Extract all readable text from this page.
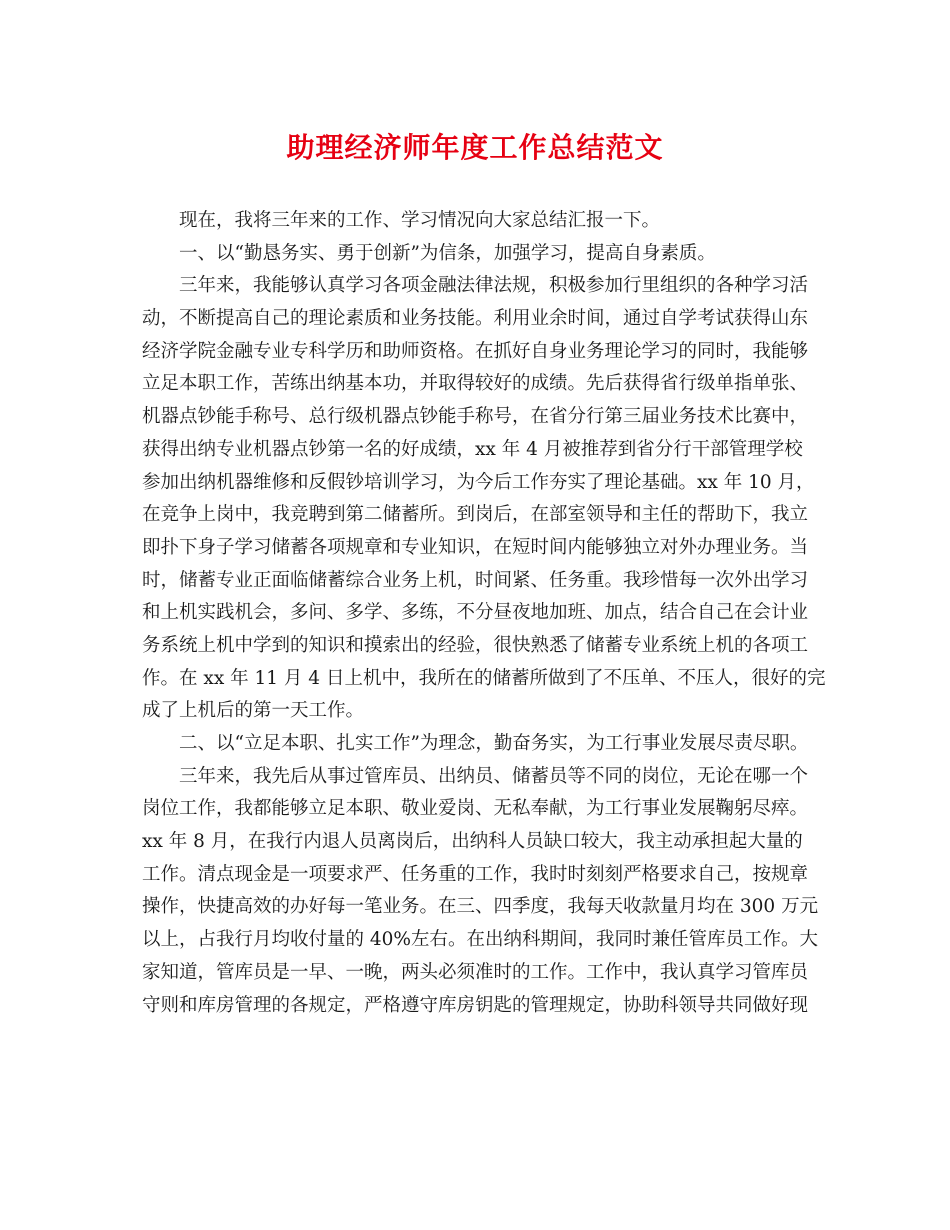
助理经济师年度工作总结范文
现在，我将三年来的工作、学习情况向大家总结汇报一下。
一、以“勤恳务实、勇于创新”为信条，加强学习，提高自身素质。
三年来，我能够认真学习各项金融法律法规，积极参加行里组织的各种学习活
动，不断提高自己的理论素质和业务技能。利用业余时间，通过自学考试获得山东
经济学院金融专业专科学历和助师资格。在抓好自身业务理论学习的同时，我能够
立足本职工作，苦练出纳基本功，并取得较好的成绩。先后获得省行级单指单张、
机器点钞能手称号、总行级机器点钞能手称号，在省分行第三届业务技术比赛中，
获得出纳专业机器点钞第一名的好成绩，xx 年 4 月被推荐到省分行干部管理学校
参加出纳机器维修和反假钞培训学习，为今后工作夯实了理论基础。xx 年 10 月，
在竞争上岗中，我竞聘到第二储蓄所。到岗后，在部室领导和主任的帮助下，我立
即扑下身子学习储蓄各项规章和专业知识，在短时间内能够独立对外办理业务。当
时，储蓄专业正面临储蓄综合业务上机，时间紧、任务重。我珍惜每一次外出学习
和上机实践机会，多问、多学、多练，不分昼夜地加班、加点，结合自己在会计业
务系统上机中学到的知识和摸索出的经验，很快熟悉了储蓄专业系统上机的各项工
作。在 xx 年 11 月 4 日上机中，我所在的储蓄所做到了不压单、不压人，很好的完
成了上机后的第一天工作。
二、以“立足本职、扎实工作”为理念，勤奋务实，为工行事业发展尽责尽职。
三年来，我先后从事过管库员、出纳员、储蓄员等不同的岗位，无论在哪一个
岗位工作，我都能够立足本职、敬业爱岗、无私奉献，为工行事业发展鞠躬尽瘁。
xx 年 8 月，在我行内退人员离岗后，出纳科人员缺口较大，我主动承担起大量的
工作。清点现金是一项要求严、任务重的工作，我时时刻刻严格要求自己，按规章
操作，快捷高效的办好每一笔业务。在三、四季度，我每天收款量月均在 300 万元
以上，占我行月均收付量的 40%左右。在出纳科期间，我同时兼任管库员工作。大
家知道，管库员是一早、一晚，两头必须准时的工作。工作中，我认真学习管库员
守则和库房管理的各规定，严格遵守库房钥匙的管理规定，协助科领导共同做好现
